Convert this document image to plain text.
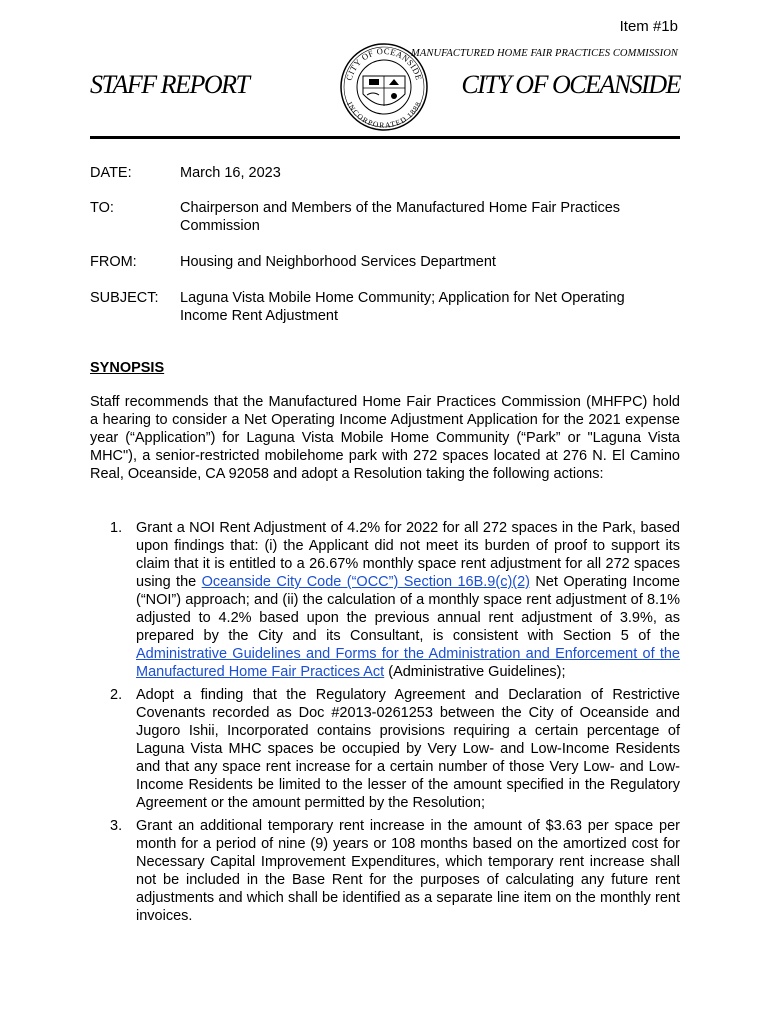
Item #1b
MANUFACTURED HOME FAIR PRACTICES COMMISSION
STAFF REPORT	CITY OF OCEANSIDE
CITY OF OCEANSIDE
INCORPORATED 1888
DATE:	March 16, 2023
TO:	Chairperson and Members of the Manufactured Home Fair Practices Commission
FROM:	Housing and Neighborhood Services Department
SUBJECT: Laguna Vista Mobile Home Community; Application for Net Operating Income Rent Adjustment
SYNOPSIS
Staff recommends that the Manufactured Home Fair Practices Commission (MHFPC) hold a hearing to consider a Net Operating Income Adjustment Application for the 2021 expense year (“Application”) for Laguna Vista Mobile Home Community (“Park” or "Laguna Vista MHC"), a senior-restricted mobilehome park with 272 spaces located at 276 N. El Camino Real, Oceanside, CA 92058 and adopt a Resolution taking the following actions:
1. Grant a NOI Rent Adjustment of 4.2% for 2022 for all 272 spaces in the Park, based upon findings that: (i) the Applicant did not meet its burden of proof to support its claim that it is entitled to a 26.67% monthly space rent adjustment for all 272 spaces using the Oceanside City Code (“OCC”) Section 16B.9(c)(2) Net Operating Income (“NOI”) approach; and (ii) the calculation of a monthly space rent adjustment of 8.1% adjusted to 4.2% based upon the previous annual rent adjustment of 3.9%, as prepared by the City and its Consultant, is consistent with Section 5 of the Administrative Guidelines and Forms for the Administration and Enforcement of the Manufactured Home Fair Practices Act (Administrative Guidelines);
2. Adopt a finding that the Regulatory Agreement and Declaration of Restrictive Covenants recorded as Doc #2013-0261253 between the City of Oceanside and Jugoro Ishii, Incorporated contains provisions requiring a certain percentage of Laguna Vista MHC spaces be occupied by Very Low- and Low-Income Residents and that any space rent increase for a certain number of those Very Low- and Low-Income Residents be limited to the lesser of the amount specified in the Regulatory Agreement or the amount permitted by the Resolution;
3. Grant an additional temporary rent increase in the amount of $3.63 per space per month for a period of nine (9) years or 108 months based on the amortized cost for Necessary Capital Improvement Expenditures, which temporary rent increase shall not be included in the Base Rent for the purposes of calculating any future rent adjustments and which shall be identified as a separate line item on the monthly rent invoices.
